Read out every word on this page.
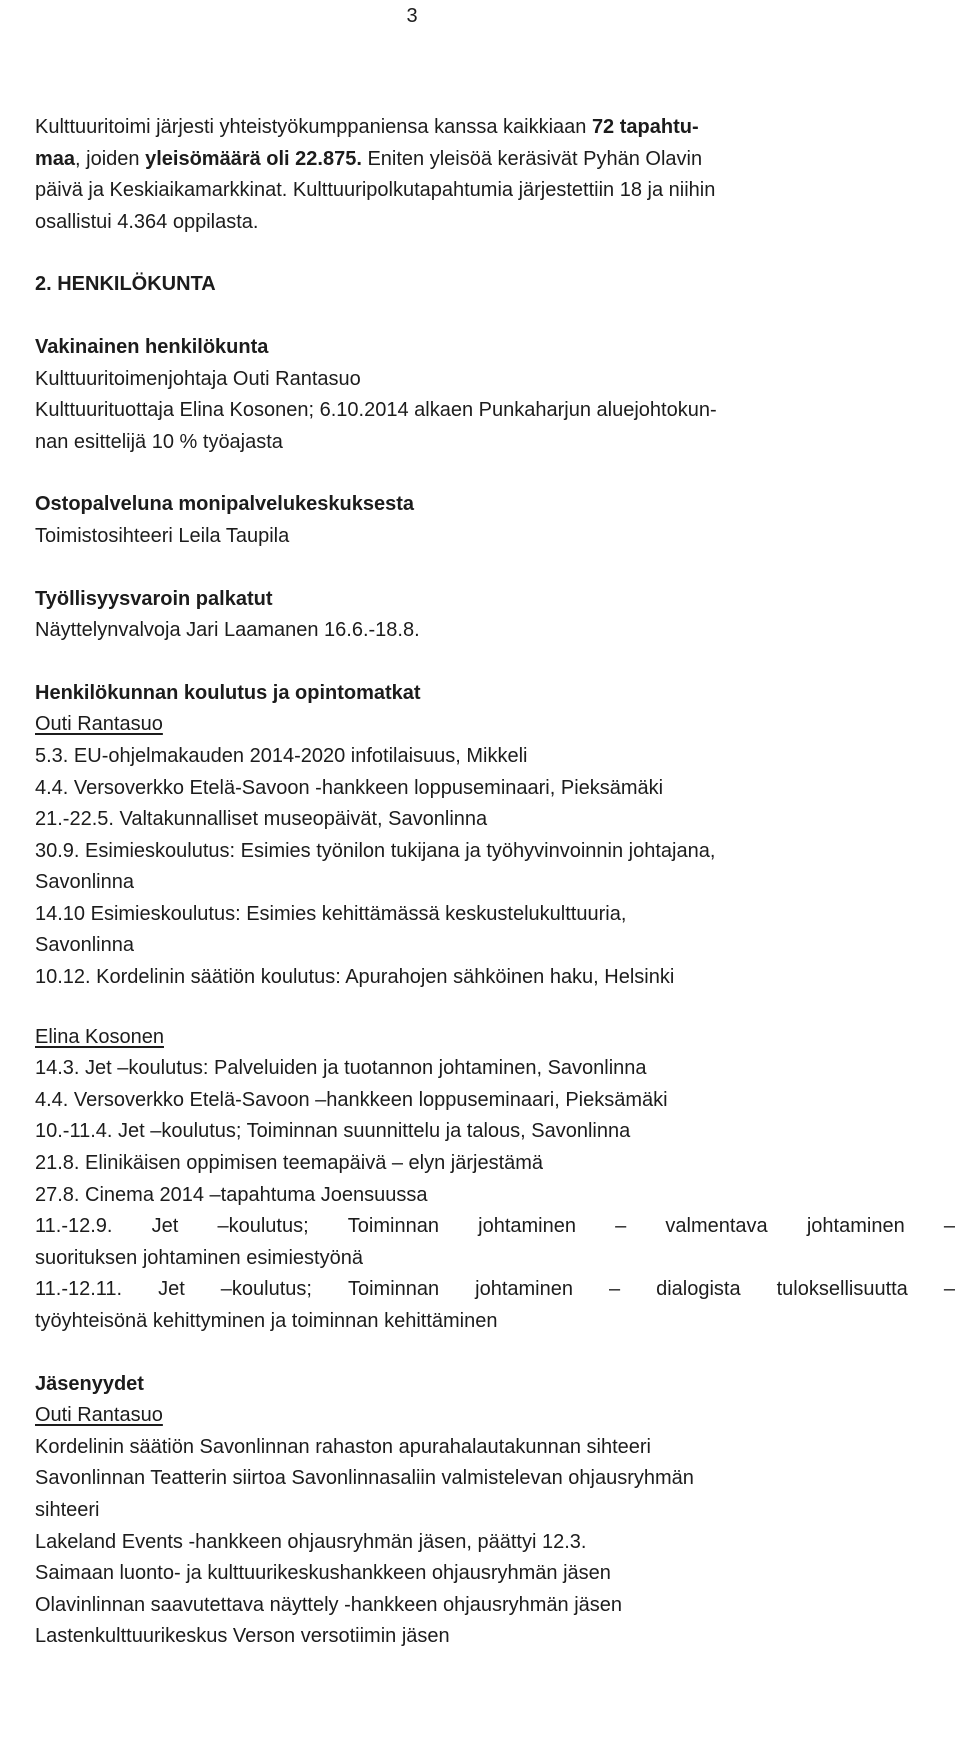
3
Kulttuuritoimi järjesti yhteistyökumppaniensa kanssa kaikkiaan 72 tapahtu-
maa, joiden yleisömäärä oli 22.875. Eniten yleisöä keräsivät Pyhän Olavin
päivä ja Keskiaikamarkkinat. Kulttuuripolkutapahtumia järjestettiin 18 ja niihin
osallistui 4.364 oppilasta.
2. HENKILÖKUNTA
Vakinainen henkilökunta
Kulttuuritoimenjohtaja Outi Rantasuo
Kulttuurituottaja Elina Kosonen; 6.10.2014 alkaen Punkaharjun aluejohtokun-
nan esittelijä 10 % työajasta
Ostopalveluna monipalvelukeskuksesta
Toimistosihteeri Leila Taupila
Työllisyysvaroin palkatut
Näyttelynvalvoja Jari Laamanen 16.6.-18.8.
Henkilökunnan koulutus ja opintomatkat
Outi Rantasuo
5.3. EU-ohjelmakauden 2014-2020 infotilaisuus, Mikkeli
4.4. Versoverkko Etelä-Savoon -hankkeen loppuseminaari, Pieksämäki
21.-22.5. Valtakunnalliset museopäivät, Savonlinna
30.9. Esimieskoulutus: Esimies työnilon tukijana ja työhyvinvoinnin johtajana,
Savonlinna
14.10 Esimieskoulutus: Esimies kehittämässä keskustelukulttuuria,
Savonlinna
10.12. Kordelinin säätiön koulutus: Apurahojen sähköinen haku, Helsinki
Elina Kosonen
14.3. Jet –koulutus: Palveluiden ja tuotannon johtaminen, Savonlinna
4.4. Versoverkko Etelä-Savoon –hankkeen loppuseminaari, Pieksämäki
10.-11.4. Jet –koulutus; Toiminnan suunnittelu ja talous, Savonlinna
21.8. Elinikäisen oppimisen teemapäivä – elyn järjestämä
27.8. Cinema 2014 –tapahtuma Joensuussa
11.-12.9. Jet –koulutus; Toiminnan johtaminen – valmentava johtaminen –
suorituksen johtaminen esimiestyönä
11.-12.11. Jet –koulutus; Toiminnan johtaminen – dialogista tuloksellisuutta –
työyhteisönä kehittyminen ja toiminnan kehittäminen
Jäsenyydet
Outi Rantasuo
Kordelinin säätiön Savonlinnan rahaston apurahalautakunnan sihteeri
Savonlinnan Teatterin siirtoa Savonlinnasaliin valmistelevan ohjausryhmän
sihteeri
Lakeland Events -hankkeen ohjausryhmän jäsen, päättyi 12.3.
Saimaan luonto- ja kulttuurikeskushankkeen ohjausryhmän jäsen
Olavinlinnan saavutettava näyttely -hankkeen ohjausryhmän jäsen
Lastenkulttuurikeskus Verson versotiimin jäsen
